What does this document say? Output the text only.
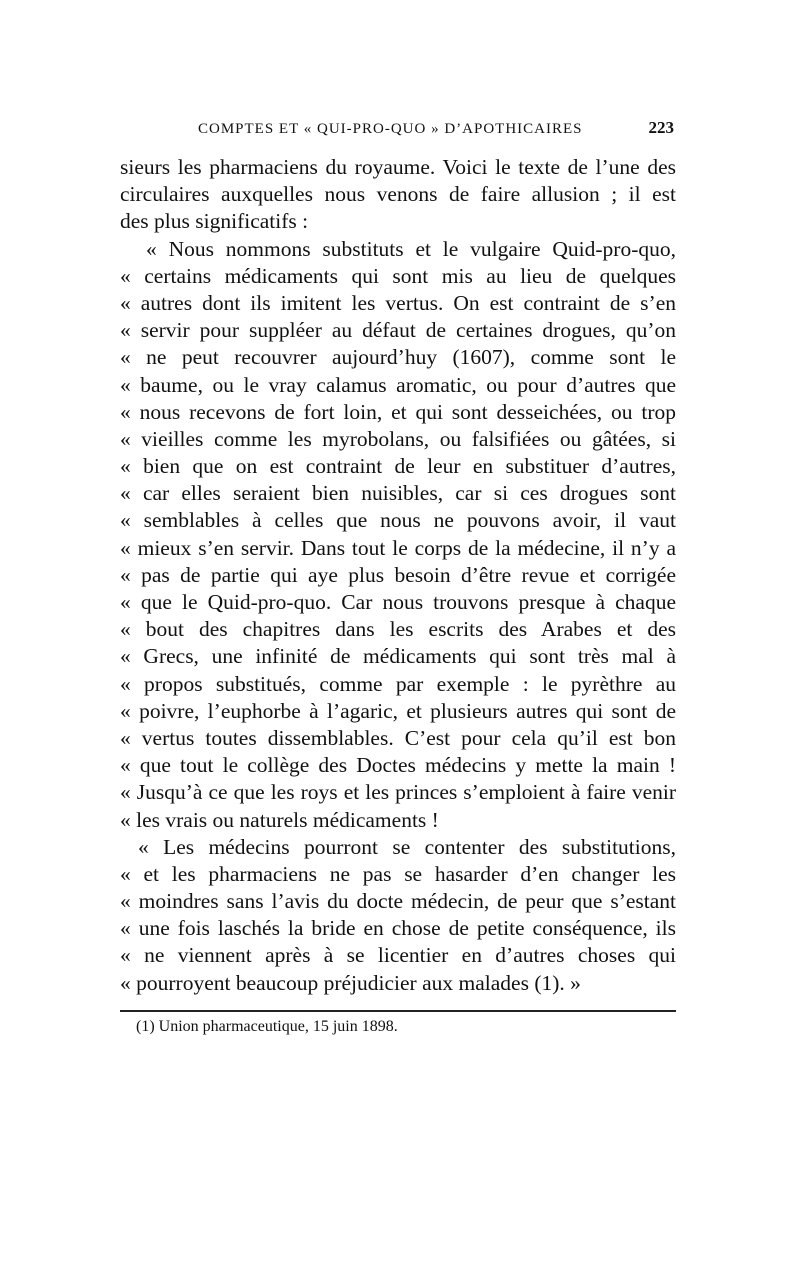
COMPTES ET « QUI-PRO-QUO » D’APOTHICAIRES	223
sieurs les pharmaciens du royaume. Voici le texte de l’une des
circulaires auxquelles nous venons de faire allusion ; il est
des plus significatifs :
« Nous nommons substituts et le vulgaire Quid-pro-quo,
« certains médicaments qui sont mis au lieu de quelques
« autres dont ils imitent les vertus. On est contraint de s’en
« servir pour suppléer au défaut de certaines drogues, qu’on
« ne peut recouvrer aujourd’huy (1607), comme sont le
« baume, ou le vray calamus aromatic, ou pour d’autres que
« nous recevons de fort loin, et qui sont desseichées, ou trop
« vieilles comme les myrobolans, ou falsifiées ou gâtées, si
« bien que on est contraint de leur en substituer d’autres,
« car elles seraient bien nuisibles, car si ces drogues sont
« semblables à celles que nous ne pouvons avoir, il vaut
« mieux s’en servir. Dans tout le corps de la médecine, il n’y a
« pas de partie qui aye plus besoin d’être revue et corrigée
« que le Quid-pro-quo. Car nous trouvons presque à chaque
« bout des chapitres dans les escrits des Arabes et des
« Grecs, une infinité de médicaments qui sont très mal à
« propos substitués, comme par exemple : le pyrèthre au
« poivre, l’euphorbe à l’agaric, et plusieurs autres qui sont de
« vertus toutes dissemblables. C’est pour cela qu’il est bon
« que tout le collège des Doctes médecins y mette la main !
« Jusqu’à ce que les roys et les princes s’emploient à faire venir
« les vrais ou naturels médicaments !
« Les médecins pourront se contenter des substitutions,
« et les pharmaciens ne pas se hasarder d’en changer les
« moindres sans l’avis du docte médecin, de peur que s’estant
« une fois laschés la bride en chose de petite conséquence, ils
« ne viennent après à se licentier en d’autres choses qui
« pourroyent beaucoup préjudicier aux malades (1). »
(1) Union pharmaceutique, 15 juin 1898.
